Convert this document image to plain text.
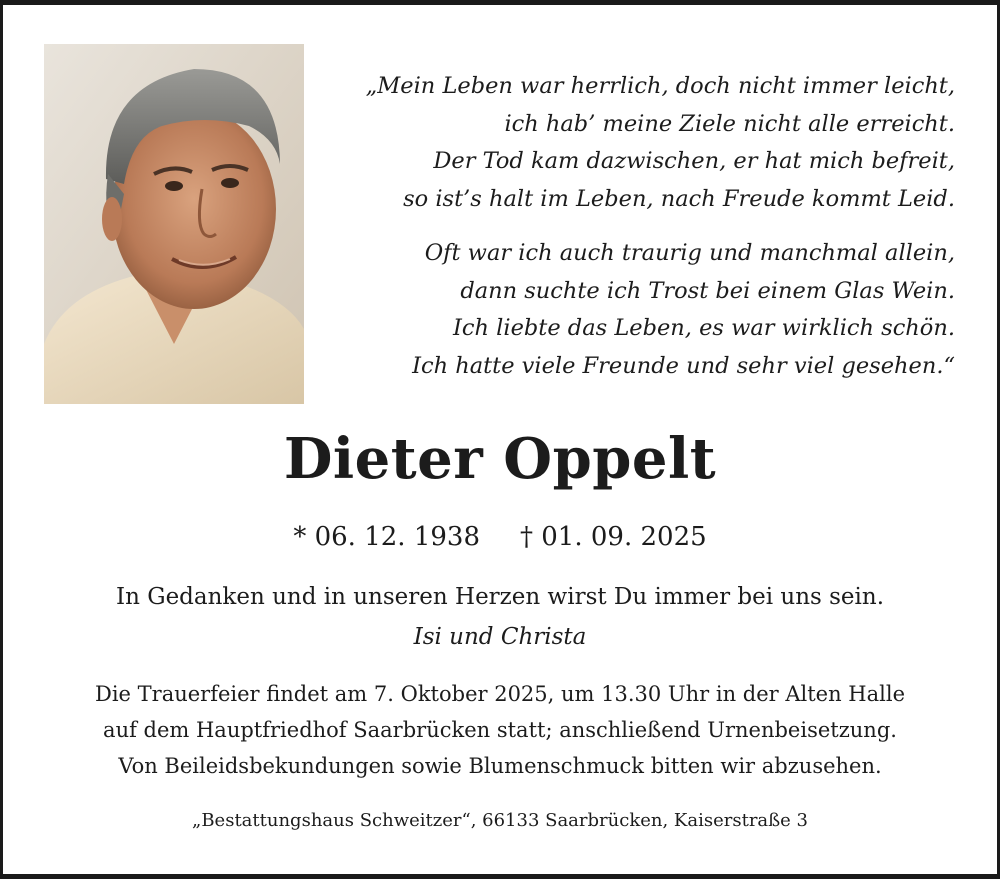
„Mein Leben war herrlich, doch nicht immer leicht,
ich hab’ meine Ziele nicht alle erreicht.
Der Tod kam dazwischen, er hat mich befreit,
so ist’s halt im Leben, nach Freude kommt Leid.

Oft war ich auch traurig und manchmal allein,
dann suchte ich Trost bei einem Glas Wein.
Ich liebte das Leben, es war wirklich schön.
Ich hatte viele Freunde und sehr viel gesehen.“

Dieter Oppelt
* 06. 12. 1938 † 01. 09. 2025
In Gedanken und in unseren Herzen wirst Du immer bei uns sein.
Isi und Christa
Die Trauerfeier findet am 7. Oktober 2025, um 13.30 Uhr in der Alten Halle
auf dem Hauptfriedhof Saarbrücken statt; anschließend Urnenbeisetzung.
Von Beileidsbekundungen sowie Blumenschmuck bitten wir abzusehen.
„Bestattungshaus Schweitzer“, 66133 Saarbrücken, Kaiserstraße 3
